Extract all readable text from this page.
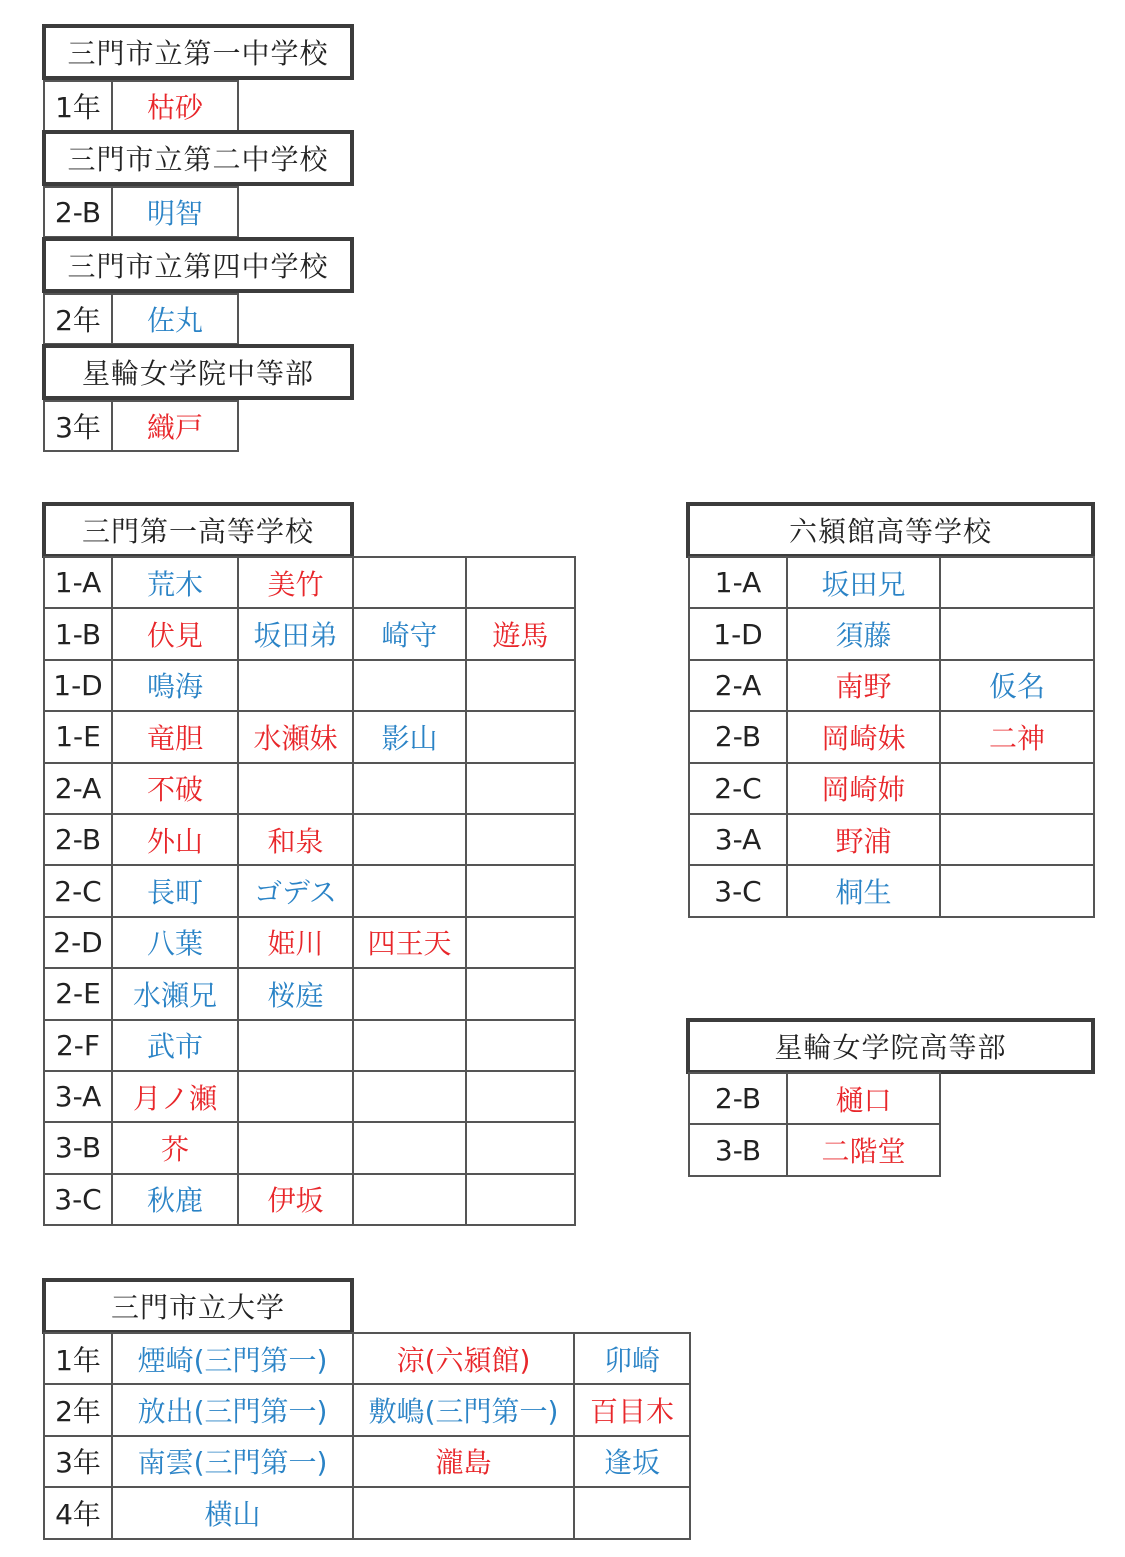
三門市立第一中学校
1年	枯砂
三門市立第二中学校
2-B	明智
三門市立第四中学校
2年	佐丸
星輪女学院中等部
3年	織戸
三門第一高等学校
1-A	荒木	美竹		
1-B	伏見	坂田弟	崎守	遊馬
1-D	鳴海			
1-E	竜胆	水瀬妹	影山	
2-A	不破			
2-B	外山	和泉		
2-C	長町	ゴデス		
2-D	八葉	姫川	四王天	
2-E	水瀬兄	桜庭		
2-F	武市			
3-A	月ノ瀬			
3-B	芥			
3-C	秋鹿	伊坂		
六潁館高等学校
1-A	坂田兄	
1-D	須藤	
2-A	南野	仮名
2-B	岡崎妹	二神
2-C	岡崎姉	
3-A	野浦	
3-C	桐生	
星輪女学院高等部
2-B	樋口
3-B	二階堂
三門市立大学
1年	煙崎(三門第一)	涼(六潁館)	卯崎
2年	放出(三門第一)	敷嶋(三門第一)	百目木
3年	南雲(三門第一)	瀧島	逢坂
4年	横山		
